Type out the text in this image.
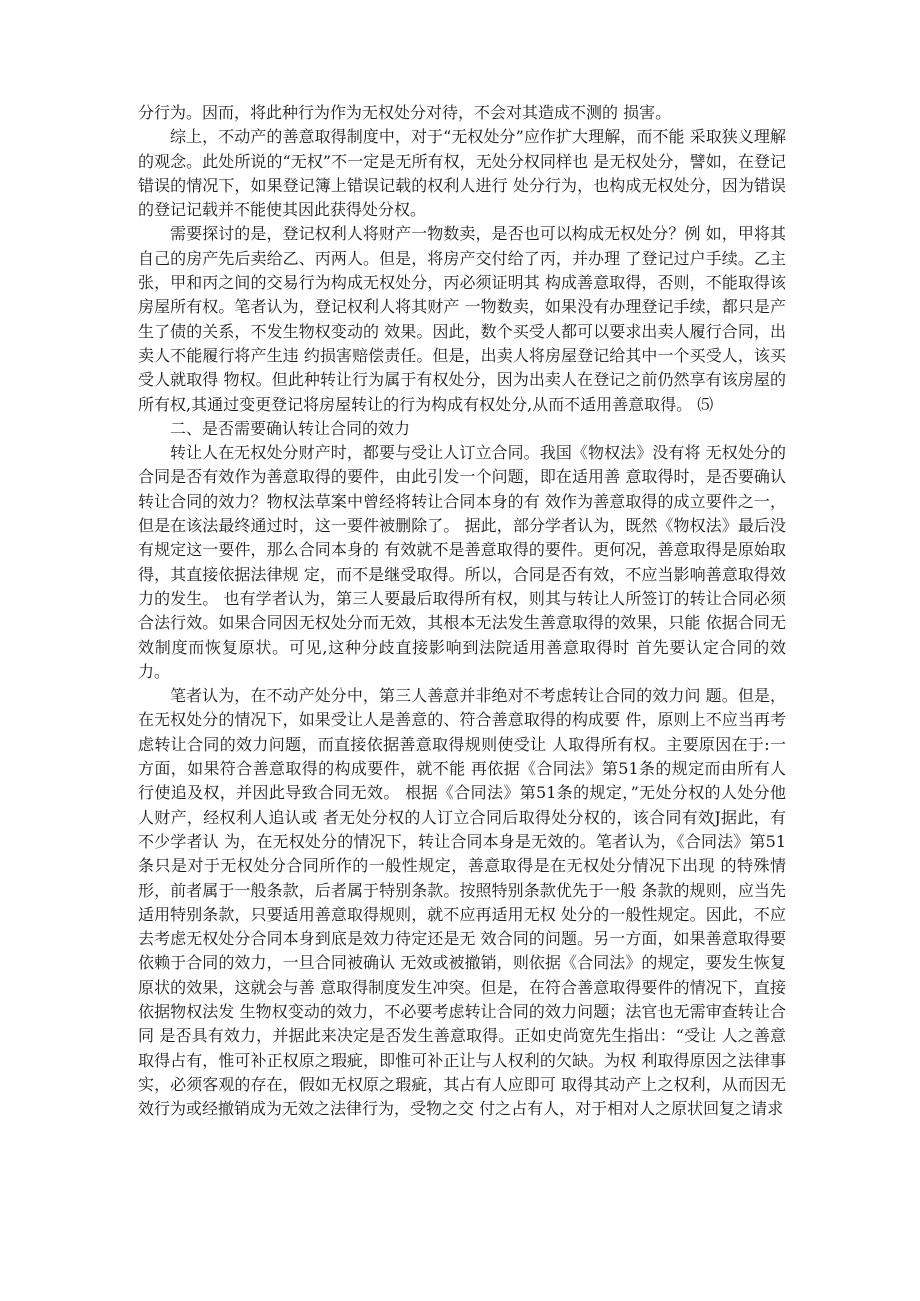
分行为。因而，将此种行为作为无权处分对待，不会对其造成不测的 损害。

综上，不动产的善意取得制度中，对于“无权处分”应作扩大理解，而不能 采取狭义理解的观念。此处所说的“无权”不一定是无所有权，无处分权同样也 是无权处分，譬如，在登记错误的情况下，如果登记簿上错误记载的权利人进行 处分行为，也构成无权处分，因为错误的登记记载并不能使其因此获得处分权。

需要探讨的是，登记权利人将财产一物数卖，是否也可以构成无权处分？例 如，甲将其自己的房产先后卖给乙、丙两人。但是，将房产交付给了丙，并办理 了登记过户手续。乙主张，甲和丙之间的交易行为构成无权处分，丙必须证明其 构成善意取得，否则，不能取得该房屋所有权。笔者认为，登记权利人将其财产 一物数卖，如果没有办理登记手续，都只是产生了债的关系，不发生物权变动的 效果。因此，数个买受人都可以要求出卖人履行合同，出卖人不能履行将产生违 约损害赔偿责任。但是，出卖人将房屋登记给其中一个买受人，该买受人就取得 物权。但此种转让行为属于有权处分，因为出卖人在登记之前仍然享有该房屋的 所有权,其通过变更登记将房屋转让的行为构成有权处分,从而不适用善意取得。 ⑸

二、是否需要确认转让合同的效力

转让人在无权处分财产时，都要与受让人订立合同。我国《物权法》没有将 无权处分的合同是否有效作为善意取得的要件，由此引发一个问题，即在适用善 意取得时，是否要确认转让合同的效力？物权法草案中曾经将转让合同本身的有 效作为善意取得的成立要件之一，但是在该法最终通过时，这一要件被删除了。 据此，部分学者认为，既然《物权法》最后没有规定这一要件，那么合同本身的 有效就不是善意取得的要件。更何况，善意取得是原始取得，其直接依据法律规 定，而不是继受取得。所以，合同是否有效，不应当影响善意取得效力的发生。 也有学者认为，第三人要最后取得所有权，则其与转让人所签订的转让合同必须 合法行效。如果合同因无权处分而无效，其根本无法发生善意取得的效果，只能 依据合同无效制度而恢复原状。可见,这种分歧直接影响到法院适用善意取得时 首先要认定合同的效力。

笔者认为，在不动产处分中，第三人善意并非绝对不考虑转让合同的效力问 题。但是，在无权处分的情况下，如果受让人是善意的、符合善意取得的构成要 件，原则上不应当再考虑转让合同的效力问题，而直接依据善意取得规则使受让 人取得所有权。主要原因在于:一方面，如果符合善意取得的构成要件，就不能 再依据《合同法》第51条的规定而由所有人行使追及权，并因此导致合同无效。 根据《合同法》第51条的规定，”无处分权的人处分他人财产，经权利人追认或 者无处分权的人订立合同后取得处分权的，该合同有效J据此，有不少学者认 为，在无权处分的情况下，转让合同本身是无效的。笔者认为，《合同法》第51 条只是对于无权处分合同所作的一般性规定，善意取得是在无权处分情况下出现 的特殊情形，前者属于一般条款，后者属于特别条款。按照特别条款优先于一般 条款的规则，应当先适用特别条款，只要适用善意取得规则，就不应再适用无权 处分的一般性规定。因此，不应去考虑无权处分合同本身到底是效力待定还是无 效合同的问题。另一方面，如果善意取得要依赖于合同的效力，一旦合同被确认 无效或被撤销，则依据《合同法》的规定，要发生恢复原状的效果，这就会与善 意取得制度发生冲突。但是，在符合善意取得要件的情况下，直接依据物权法发 生物权变动的效力，不必要考虑转让合同的效力问题；法官也无需审查转让合同 是否具有效力，并据此来决定是否发生善意取得。正如史尚宽先生指出：“受让 人之善意取得占有，惟可补正权原之瑕疵，即惟可补正让与人权利的欠缺。为权 利取得原因之法律事实，必须客观的存在，假如无权原之瑕疵，其占有人应即可 取得其动产上之权利，从而因无效行为或经撤销成为无效之法律行为，受物之交 付之占有人，对于相对人之原状回复之请求
